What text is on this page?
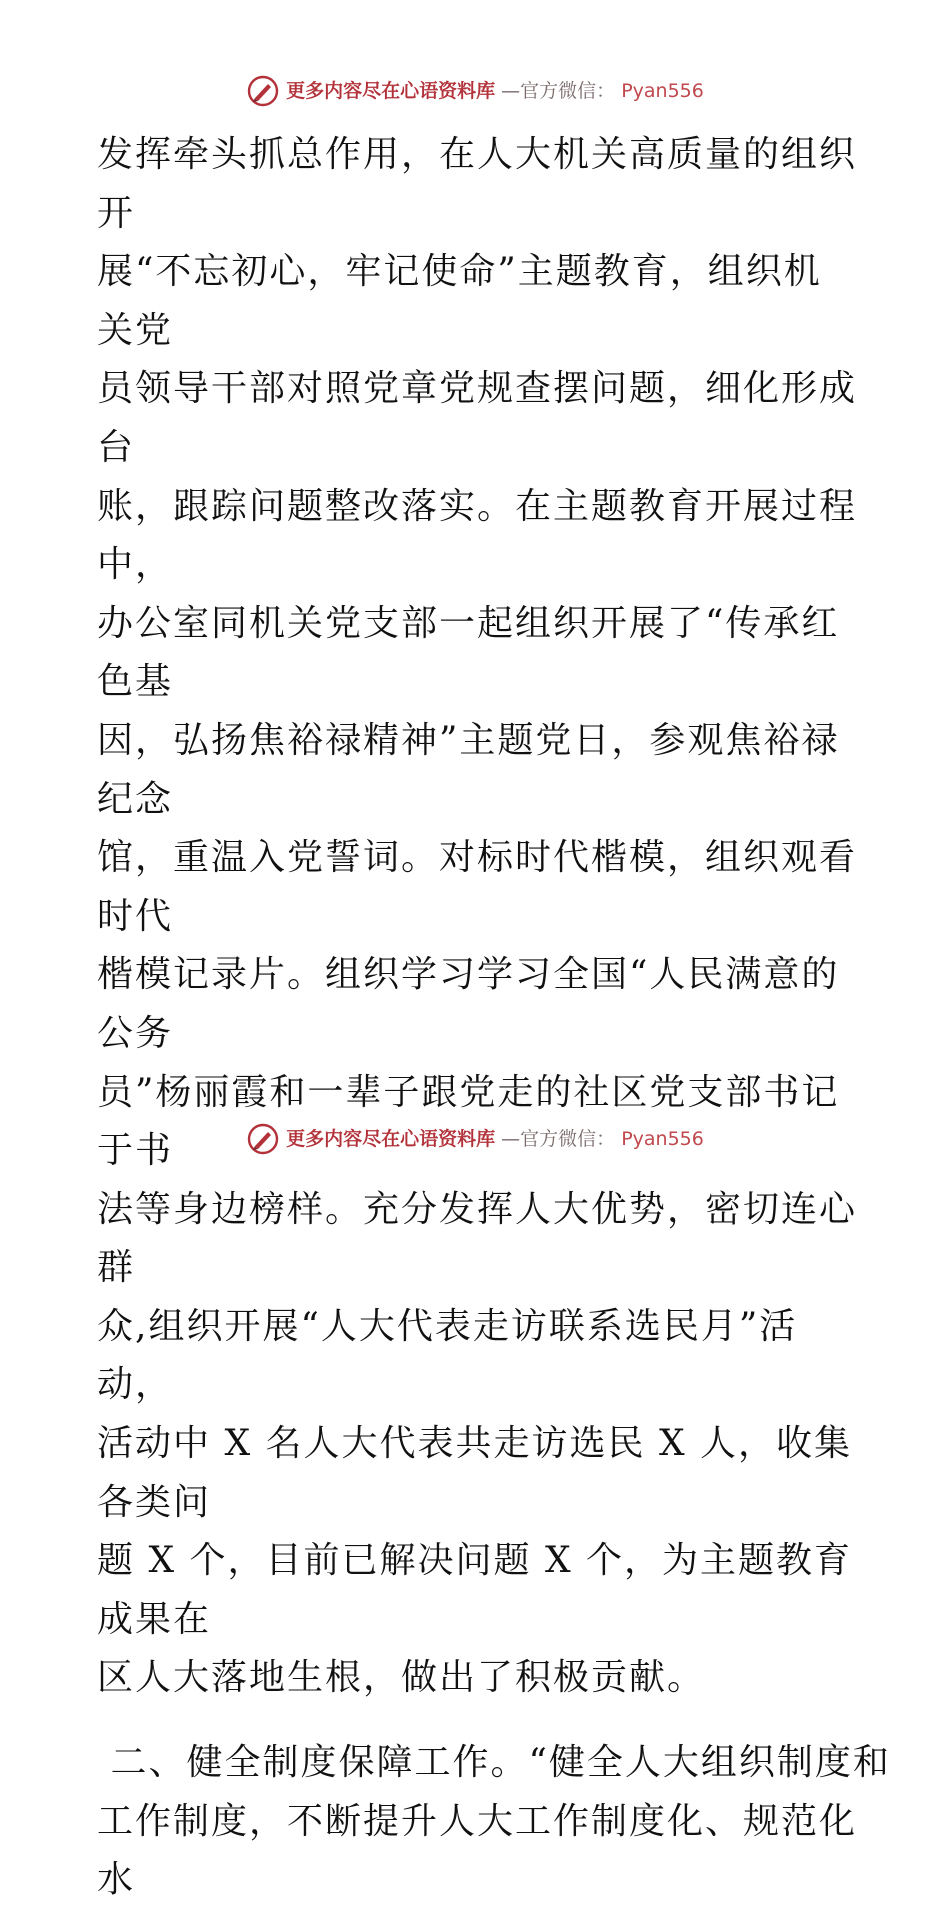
更多内容尽在心语资料库 —官方微信： Pyan556
发挥牵头抓总作用，在人大机关高质量的组织开
展“不忘初心，牢记使命”主题教育，组织机关党
员领导干部对照党章党规查摆问题，细化形成台
账，跟踪问题整改落实。在主题教育开展过程中，
办公室同机关党支部一起组织开展了“传承红色基
因，弘扬焦裕禄精神”主题党日，参观焦裕禄纪念
馆，重温入党誓词。对标时代楷模，组织观看时代
楷模记录片。组织学习学习全国“人民满意的公务
员”杨丽霞和一辈子跟党走的社区党支部书记于书
法等身边榜样。充分发挥人大优势，密切连心群
众,组织开展“人大代表走访联系选民月”活动，
活动中 X 名人大代表共走访选民 X 人，收集各类问
题 X 个，目前已解决问题 X 个，为主题教育成果在
区人大落地生根，做出了积极贡献。
二、健全制度保障工作。“健全人大组织制度和
工作制度，不断提升人大工作制度化、规范化水
更多内容尽在心语资料库 —官方微信： Pyan556
